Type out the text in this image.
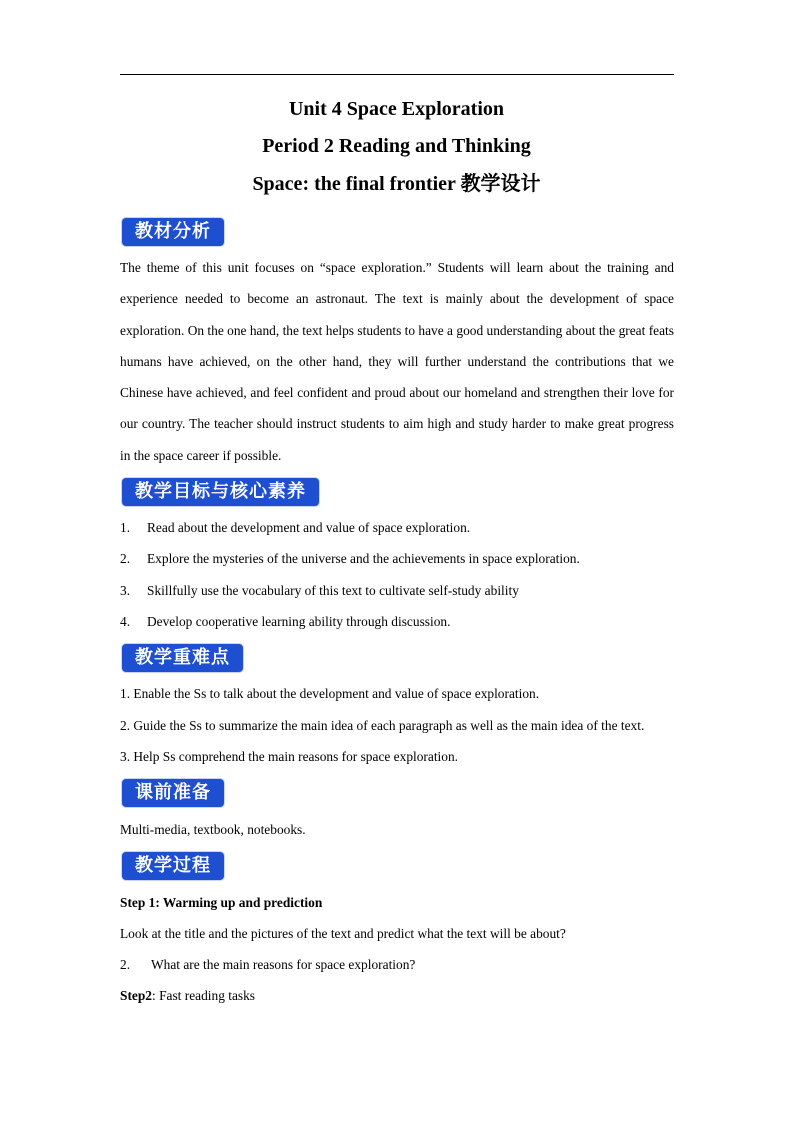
Unit 4 Space Exploration
Period 2 Reading and Thinking
Space: the final frontier 教学设计
教材分析
The theme of this unit focuses on “space exploration.” Students will learn about the training and experience needed to become an astronaut. The text is mainly about the development of space exploration. On the one hand, the text helps students to have a good understanding about the great feats humans have achieved, on the other hand, they will further understand the contributions that we Chinese have achieved, and feel confident and proud about our homeland and strengthen their love for our country. The teacher should instruct students to aim high and study harder to make great progress in the space career if possible.
教学目标与核心素养
1. Read about the development and value of space exploration.
2. Explore the mysteries of the universe and the achievements in space exploration.
3. Skillfully use the vocabulary of this text to cultivate self-study ability
4. Develop cooperative learning ability through discussion.
教学重难点
1. Enable the Ss to talk about the development and value of space exploration.
2. Guide the Ss to summarize the main idea of each paragraph as well as the main idea of the text.
3. Help Ss comprehend the main reasons for space exploration.
课前准备
Multi-media, textbook, notebooks.
教学过程
Step 1: Warming up and prediction
Look at the title and the pictures of the text and predict what the text will be about?
2. What are the main reasons for space exploration?
Step2: Fast reading tasks
